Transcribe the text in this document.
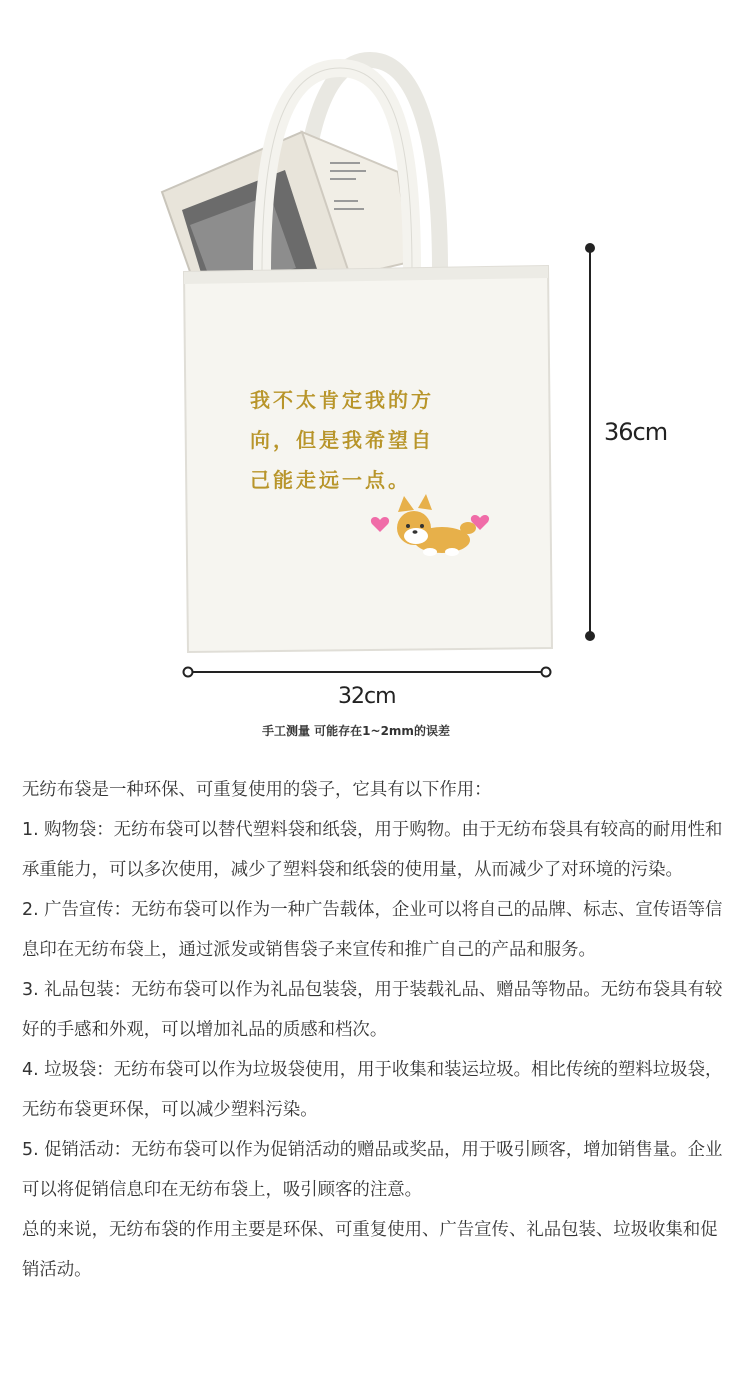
我不太肯定我的方
向，但是我希望自
己能走远一点。
36cm
32cm
手工测量 可能存在1~2mm的误差

无纺布袋是一种环保、可重复使用的袋子，它具有以下作用：

1. 购物袋：无纺布袋可以替代塑料袋和纸袋，用于购物。由于无纺布袋具有较高的耐用性和承重能力，可以多次使用，减少了塑料袋和纸袋的使用量，从而减少了对环境的污染。

2. 广告宣传：无纺布袋可以作为一种广告载体，企业可以将自己的品牌、标志、宣传语等信息印在无纺布袋上，通过派发或销售袋子来宣传和推广自己的产品和服务。

3. 礼品包装：无纺布袋可以作为礼品包装袋，用于装载礼品、赠品等物品。无纺布袋具有较好的手感和外观，可以增加礼品的质感和档次。

4. 垃圾袋：无纺布袋可以作为垃圾袋使用，用于收集和装运垃圾。相比传统的塑料垃圾袋，无纺布袋更环保，可以减少塑料污染。

5. 促销活动：无纺布袋可以作为促销活动的赠品或奖品，用于吸引顾客，增加销售量。企业可以将促销信息印在无纺布袋上，吸引顾客的注意。

总的来说，无纺布袋的作用主要是环保、可重复使用、广告宣传、礼品包装、垃圾收集和促销活动。
